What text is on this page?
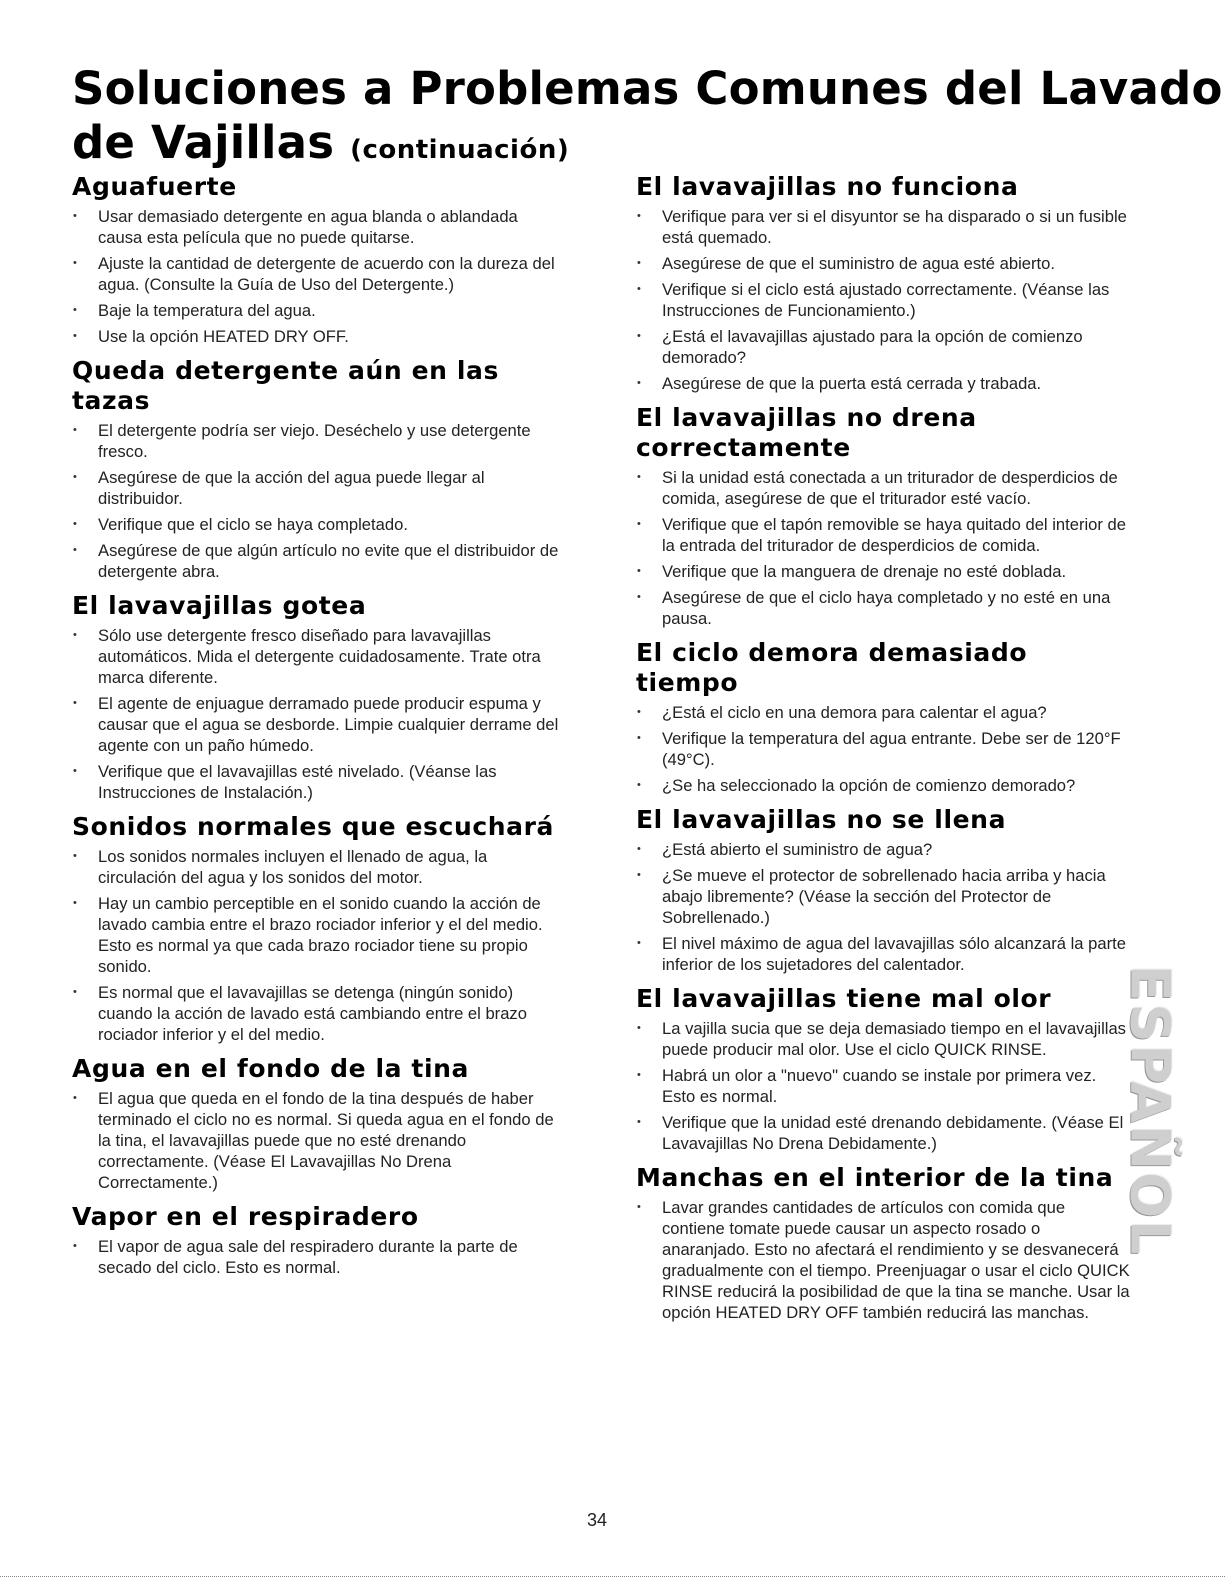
Soluciones a Problemas Comunes del Lavado de Vajillas (continuación)
Aguafuerte
• Usar demasiado detergente en agua blanda o ablandada causa esta película que no puede quitarse.
• Ajuste la cantidad de detergente de acuerdo con la dureza del agua. (Consulte la Guía de Uso del Detergente.)
• Baje la temperatura del agua.
• Use la opción HEATED DRY OFF.
Queda detergente aún en las tazas
• El detergente podría ser viejo. Deséchelo y use detergente fresco.
• Asegúrese de que la acción del agua puede llegar al distribuidor.
• Verifique que el ciclo se haya completado.
• Asegúrese de que algún artículo no evite que el distribuidor de detergente abra.
El lavavajillas gotea
• Sólo use detergente fresco diseñado para lavavajillas automáticos. Mida el detergente cuidadosamente. Trate otra marca diferente.
• El agente de enjuague derramado puede producir espuma y causar que el agua se desborde. Limpie cualquier derrame del agente con un paño húmedo.
• Verifique que el lavavajillas esté nivelado. (Véanse las Instrucciones de Instalación.)
Sonidos normales que escuchará
• Los sonidos normales incluyen el llenado de agua, la circulación del agua y los sonidos del motor.
• Hay un cambio perceptible en el sonido cuando la acción de lavado cambia entre el brazo rociador inferior y el del medio. Esto es normal ya que cada brazo rociador tiene su propio sonido.
• Es normal que el lavavajillas se detenga (ningún sonido) cuando la acción de lavado está cambiando entre el brazo rociador inferior y el del medio.
Agua en el fondo de la tina
• El agua que queda en el fondo de la tina después de haber terminado el ciclo no es normal. Si queda agua en el fondo de la tina, el lavavajillas puede que no esté drenando correctamente. (Véase El Lavavajillas No Drena Correctamente.)
Vapor en el respiradero
• El vapor de agua sale del respiradero durante la parte de secado del ciclo. Esto es normal.
El lavavajillas no funciona
• Verifique para ver si el disyuntor se ha disparado o si un fusible está quemado.
• Asegúrese de que el suministro de agua esté abierto.
• Verifique si el ciclo está ajustado correctamente. (Véanse las Instrucciones de Funcionamiento.)
• ¿Está el lavavajillas ajustado para la opción de comienzo demorado?
• Asegúrese de que la puerta está cerrada y trabada.
El lavavajillas no drena correctamente
• Si la unidad está conectada a un triturador de desperdicios de comida, asegúrese de que el triturador esté vacío.
• Verifique que el tapón removible se haya quitado del interior de la entrada del triturador de desperdicios de comida.
• Verifique que la manguera de drenaje no esté doblada.
• Asegúrese de que el ciclo haya completado y no esté en una pausa.
El ciclo demora demasiado tiempo
• ¿Está el ciclo en una demora para calentar el agua?
• Verifique la temperatura del agua entrante. Debe ser de 120°F (49°C).
• ¿Se ha seleccionado la opción de comienzo demorado?
El lavavajillas no se llena
• ¿Está abierto el suministro de agua?
• ¿Se mueve el protector de sobrellenado hacia arriba y hacia abajo libremente? (Véase la sección del Protector de Sobrellenado.)
• El nivel máximo de agua del lavavajillas sólo alcanzará la parte inferior de los sujetadores del calentador.
El lavavajillas tiene mal olor
• La vajilla sucia que se deja demasiado tiempo en el lavavajillas puede producir mal olor. Use el ciclo QUICK RINSE.
• Habrá un olor a "nuevo" cuando se instale por primera vez. Esto es normal.
• Verifique que la unidad esté drenando debidamente. (Véase El Lavavajillas No Drena Debidamente.)
Manchas en el interior de la tina
• Lavar grandes cantidades de artículos con comida que contiene tomate puede causar un aspecto rosado o anaranjado. Esto no afectará el rendimiento y se desvanecerá gradualmente con el tiempo. Preenjuagar o usar el ciclo QUICK RINSE reducirá la posibilidad de que la tina se manche. Usar la opción HEATED DRY OFF también reducirá las manchas.
ESPAÑOL
34
